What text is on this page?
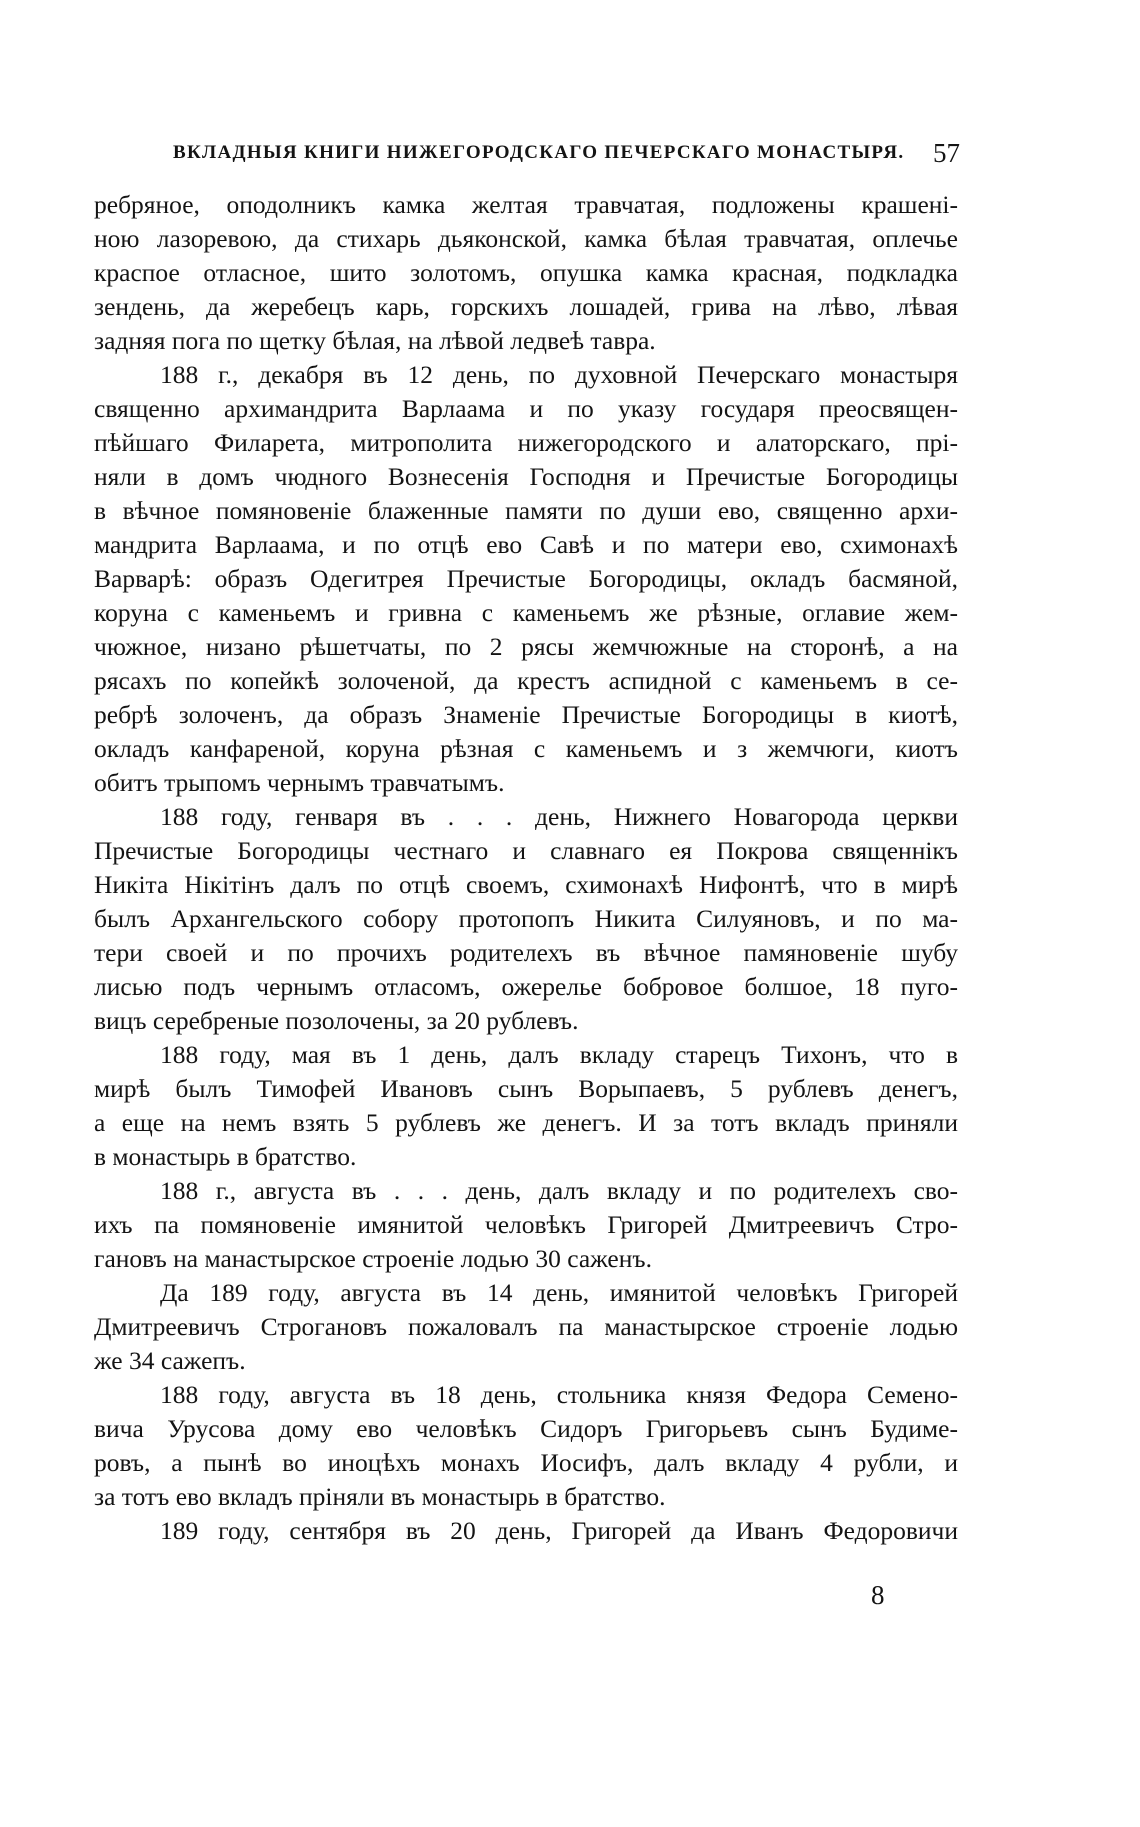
ВКЛАДНЫЯ КНИГИ НИЖЕГОРОДСКАГО ПЕЧЕРСКАГО МОНАСТЫРЯ. 57
ребряное, оподолникъ камка желтая травчатая, подложены крашені-
ною лазоревою, да стихарь дьяконской, камка бѣлая травчатая, оплечье
краспое отласное, шито золотомъ, опушка камка красная, подкладка
зендень, да жеребецъ карь, горскихъ лошадей, грива на лѣво, лѣвая
задняя пога по щетку бѣлая, на лѣвой ледвеѣ тавра.
188 г., декабря въ 12 день, по духовной Печерскаго монастыря
священно архимандрита Варлаама и по указу государя преосвящен-
пѣйшаго Филарета, митрополита нижегородского и алаторскаго, прі-
няли в домъ чюдного Вознесенія Господня и Пречистые Богородицы
в вѣчное помяновеніе блаженные памяти по души ево, священно архи-
мандрита Варлаама, и по отцѣ ево Савѣ и по матери ево, схимонахѣ
Варварѣ: образъ Одегитрея Пречистые Богородицы, окладъ басмяной,
коруна с каменьемъ и гривна с каменьемъ же рѣзные, оглавие жем-
чюжное, низано рѣшетчаты, по 2 рясы жемчюжные на сторонѣ, а на
рясахъ по копейкѣ золоченой, да крестъ аспидной с каменьемъ в се-
ребрѣ золоченъ, да образъ Знаменіе Пречистые Богородицы в киотѣ,
окладъ канфареной, коруна рѣзная с каменьемъ и з жемчюги, киотъ
обитъ трыпомъ чернымъ травчатымъ.
188 году, генваря въ . . . день, Нижнего Новагорода церкви
Пречистые Богородицы честнаго и славнаго ея Покрова священнікъ
Никіта Нікітінъ далъ по отцѣ своемъ, схимонахѣ Нифонтѣ, что в мирѣ
былъ Архангельского собору протопопъ Никита Силуяновъ, и по ма-
тери своей и по прочихъ родителехъ въ вѣчное памяновеніе шубу
лисью подъ чернымъ отласомъ, ожерелье бобровое болшое, 18 пуго-
вицъ серебреные позолочены, за 20 рублевъ.
188 году, мая въ 1 день, далъ вкладу старецъ Тихонъ, что в
мирѣ былъ Тимофей Ивановъ сынъ Ворыпаевъ, 5 рублевъ денегъ,
а еще на немъ взять 5 рублевъ же денегъ. И за тотъ вкладъ приняли
в монастырь в братство.
188 г., августа въ . . . день, далъ вкладу и по родителехъ сво-
ихъ па помяновеніе имянитой человѣкъ Григорей Дмитреевичъ Стро-
гановъ на манастырское строеніе лодью 30 саженъ.
Да 189 году, августа въ 14 день, имянитой человѣкъ Григорей
Дмитреевичъ Строгановъ пожаловалъ па манастырское строеніе лодью
же 34 сажепъ.
188 году, августа въ 18 день, стольника князя Федора Семено-
вича Урусова дому ево человѣкъ Сидоръ Григорьевъ сынъ Будиме-
ровъ, а пынѣ во иноцѣхъ монахъ Иосифъ, далъ вкладу 4 рубли, и
за тотъ ево вкладъ пріняли въ монастырь в братство.
189 году, сентября въ 20 день, Григорей да Иванъ Федоровичи
8
